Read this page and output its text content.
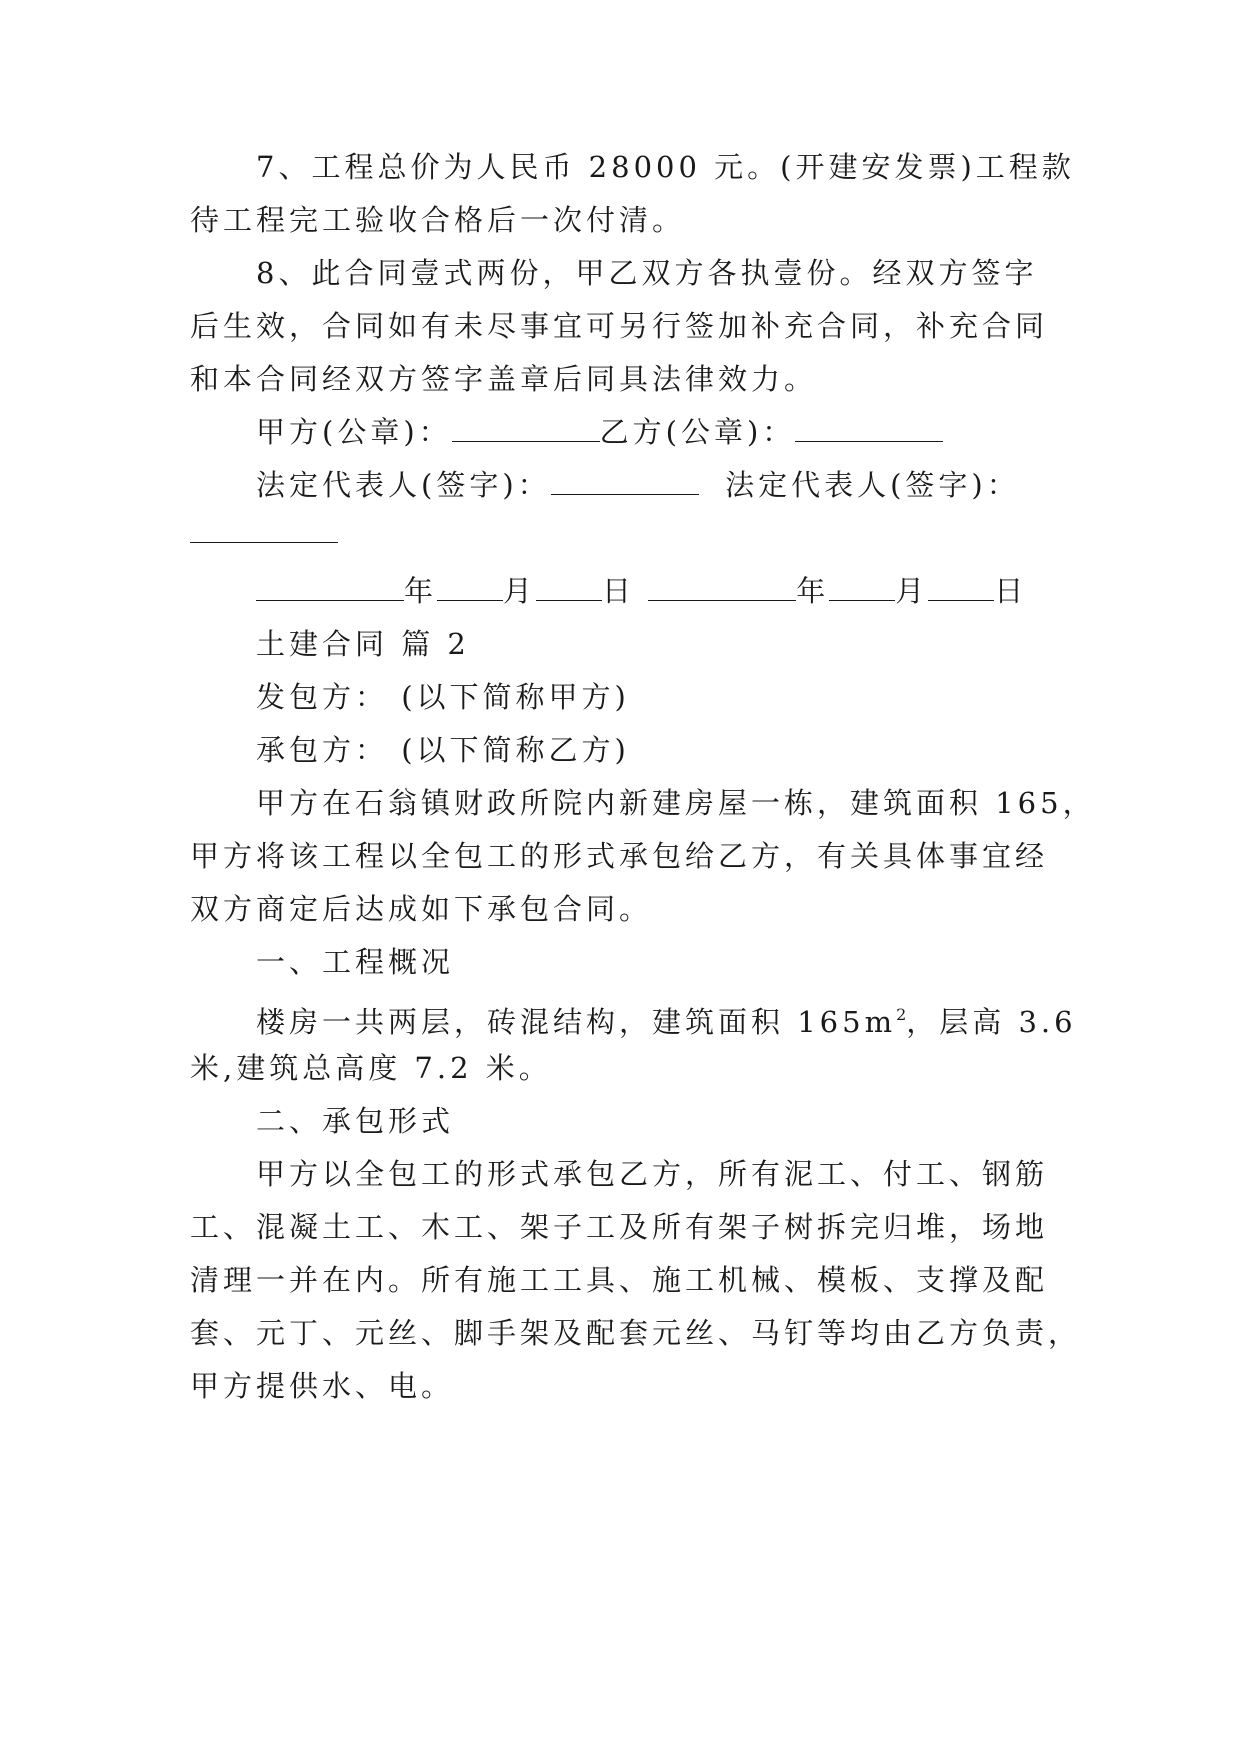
7、工程总价为人民币 28000 元。(开建安发票)工程款
待工程完工验收合格后一次付清。
8、此合同壹式两份，甲乙双方各执壹份。经双方签字
后生效，合同如有未尽事宜可另行签加补充合同，补充合同
和本合同经双方签字盖章后同具法律效力。
甲方(公章)：	乙方(公章)：
法定代表人(签字)：	法定代表人(签字)：
年 月 日	年 月 日
土建合同 篇 2
发包方： (以下简称甲方)
承包方： (以下简称乙方)
甲方在石翁镇财政所院内新建房屋一栋，建筑面积 165，
甲方将该工程以全包工的形式承包给乙方，有关具体事宜经
双方商定后达成如下承包合同。
一、工程概况
楼房一共两层，砖混结构，建筑面积 $165m^2$，层高 3.6
米,建筑总高度 7.2 米。
二、承包形式
甲方以全包工的形式承包乙方，所有泥工、付工、钢筋
工、混凝土工、木工、架子工及所有架子树拆完归堆，场地
清理一并在内。所有施工工具、施工机械、模板、支撑及配
套、元丁、元丝、脚手架及配套元丝、马钉等均由乙方负责，
甲方提供水、电。
